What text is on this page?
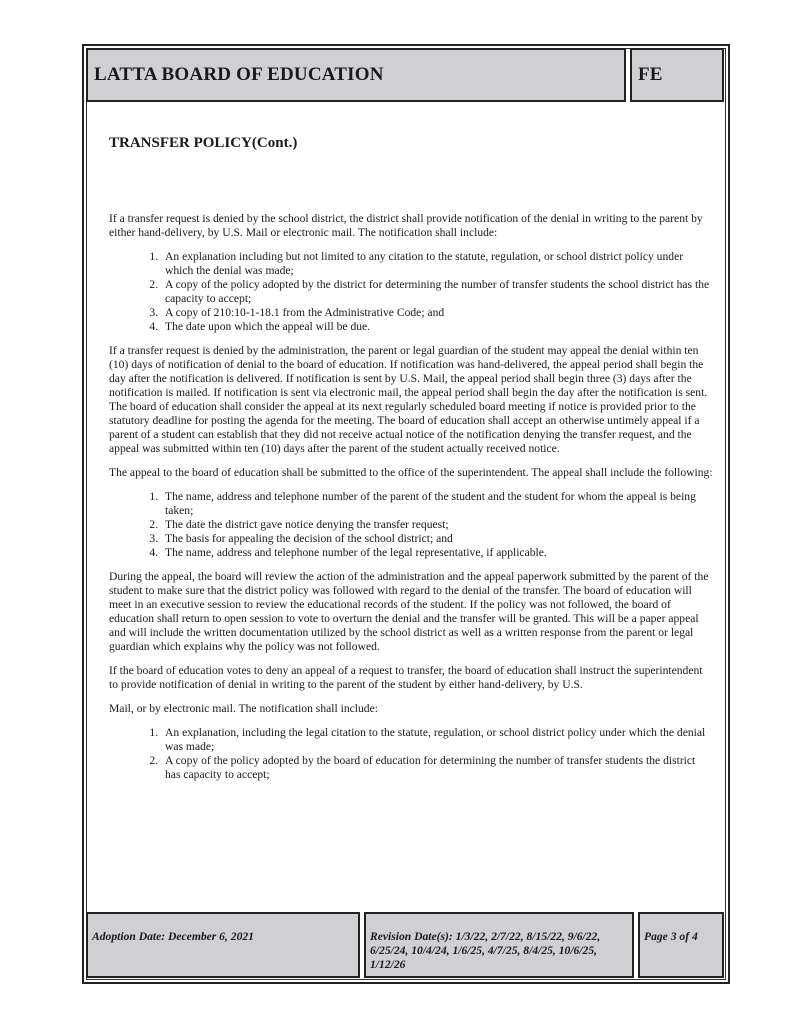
LATTA BOARD OF EDUCATION	FE
TRANSFER POLICY(Cont.)

If a transfer request is denied by the school district, the district shall provide notification of the denial in writing to the parent by either hand-delivery, by U.S. Mail or electronic mail. The notification shall include:

1. An explanation including but not limited to any citation to the statute, regulation, or school district policy under which the denial was made;
2. A copy of the policy adopted by the district for determining the number of transfer students the school district has the capacity to accept;
3. A copy of 210:10-1-18.1 from the Administrative Code; and
4. The date upon which the appeal will be due.

If a transfer request is denied by the administration, the parent or legal guardian of the student may appeal the denial within ten (10) days of notification of denial to the board of education. If notification was hand-delivered, the appeal period shall begin the day after the notification is delivered. If notification is sent by U.S. Mail, the appeal period shall begin three (3) days after the notification is mailed. If notification is sent via electronic mail, the appeal period shall begin the day after the notification is sent. The board of education shall consider the appeal at its next regularly scheduled board meeting if notice is provided prior to the statutory deadline for posting the agenda for the meeting. The board of education shall accept an otherwise untimely appeal if a parent of a student can establish that they did not receive actual notice of the notification denying the transfer request, and the appeal was submitted within ten (10) days after the parent of the student actually received notice.

The appeal to the board of education shall be submitted to the office of the superintendent. The appeal shall include the following:

1. The name, address and telephone number of the parent of the student and the student for whom the appeal is being taken;
2. The date the district gave notice denying the transfer request;
3. The basis for appealing the decision of the school district; and
4. The name, address and telephone number of the legal representative, if applicable.

During the appeal, the board will review the action of the administration and the appeal paperwork submitted by the parent of the student to make sure that the district policy was followed with regard to the denial of the transfer. The board of education will meet in an executive session to review the educational records of the student. If the policy was not followed, the board of education shall return to open session to vote to overturn the denial and the transfer will be granted. This will be a paper appeal and will include the written documentation utilized by the school district as well as a written response from the parent or legal guardian which explains why the policy was not followed.

If the board of education votes to deny an appeal of a request to transfer, the board of education shall instruct the superintendent to provide notification of denial in writing to the parent of the student by either hand-delivery, by U.S.

Mail, or by electronic mail. The notification shall include:

1. An explanation, including the legal citation to the statute, regulation, or school district policy under which the denial was made;
2. A copy of the policy adopted by the board of education for determining the number of transfer students the district has capacity to accept;
Adoption Date: December 6, 2021	Revision Date(s): 1/3/22, 2/7/22, 8/15/22, 9/6/22, 6/25/24, 10/4/24, 1/6/25, 4/7/25, 8/4/25, 10/6/25, 1/12/26
Page 3 of 4
